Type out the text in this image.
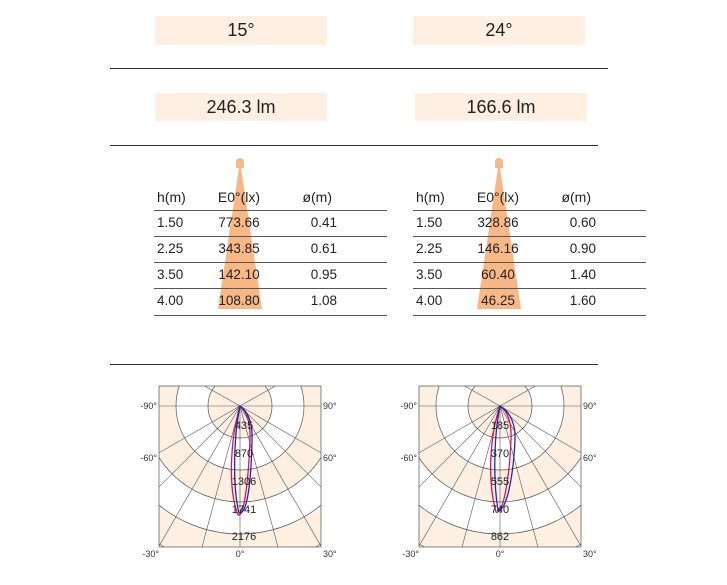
15°	24°
246.3 lm	166.6 lm
h(m)	E0°(lx)	ø(m)
1.50	773.66	0.41
2.25	343.85	0.61
3.50	142.10	0.95
4.00	108.80	1.08
h(m)	E0°(lx)	ø(m)
1.50	328.86	0.60
2.25	146.16	0.90
3.50	60.40	1.40
4.00	46.25	1.60
435
870
1306
1741
2176
-90°
-60°
-30°	0°	30°
90°
60°
185
370
555
740
862
-90°
-60°
-30°	0°	30°
90°
60°
